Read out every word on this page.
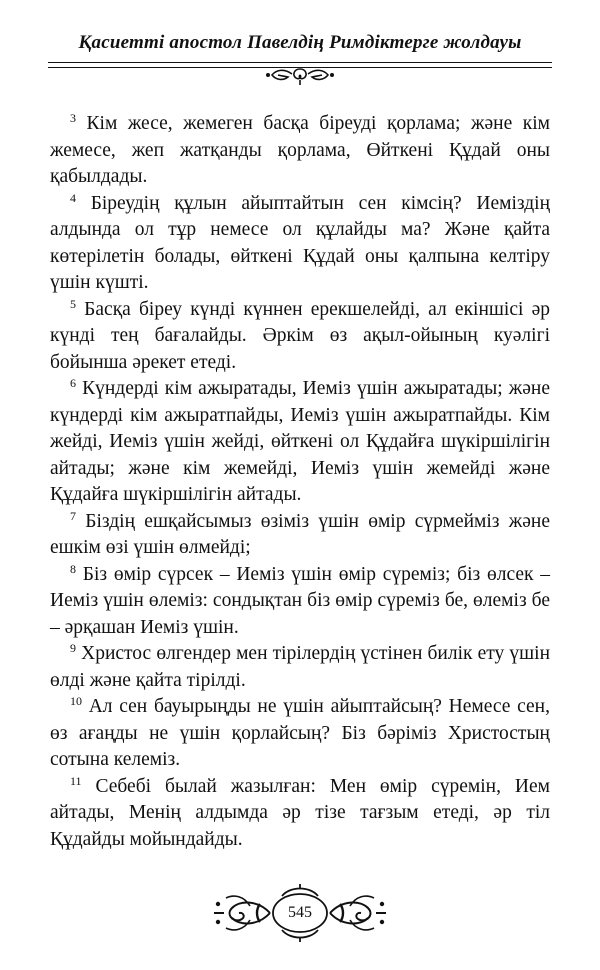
Қасиетті апостол Павелдің Римдіктерге жолдауы

$^3$ Кім жесе, жемеген басқа біреуді қорламa; және кім жемесе, жеп жатқанды қорламa, Өйткені Құдай оны қабылдады.

$^4$ Біреудің құлын айыптайтын сен кімсің? Иеміздің алдында ол тұр немесе ол құлайды ма? Және қайта көтерілетін болады, өйткені Құдай оны қалпына келтіру үшін күшті.

$^5$ Басқа біреу күнді күннен ерекшелейді, ал екіншісі әр күнді тең бағалайды. Әркім өз ақыл-ойының куәлігі бойынша әрекет етеді.

$^6$ Күндерді кім ажыратады, Иеміз үшін ажыратады; және күндерді кім ажыратпайды, Иеміз үшін ажыратпайды. Кім жейді, Иеміз үшін жейді, өйткені ол Құдайға шүкіршілігін айтады; және кім жемейді, Иеміз үшін жемейді және Құдайға шүкіршілігін айтады.

$^7$ Біздің ешқайсымыз өзіміз үшін өмір сүрмейміз және ешкім өзі үшін өлмейді;

$^8$ Біз өмір сүрсек – Иеміз үшін өмір сүреміз; біз өлсек – Иеміз үшін өлеміз: сондықтан біз өмір сүреміз бе, өлеміз бе – әрқашан Иеміз үшін.

$^9$ Христос өлгендер мен тірілердің үстінен билік ету үшін өлді және қайта тірілді.

$^{10}$ Ал сен бауырыңды не үшін айыптайсың? Немесе сен, өз ағаңды не үшін қорлайсың? Біз бәріміз Христостың сотына келеміз.

$^{11}$ Себебі былай жазылған: Мен өмір сүремін, Ием айтады, Менің алдымда әр тізе тағзым етеді, әр тіл Құдайды мойындайды.

545
